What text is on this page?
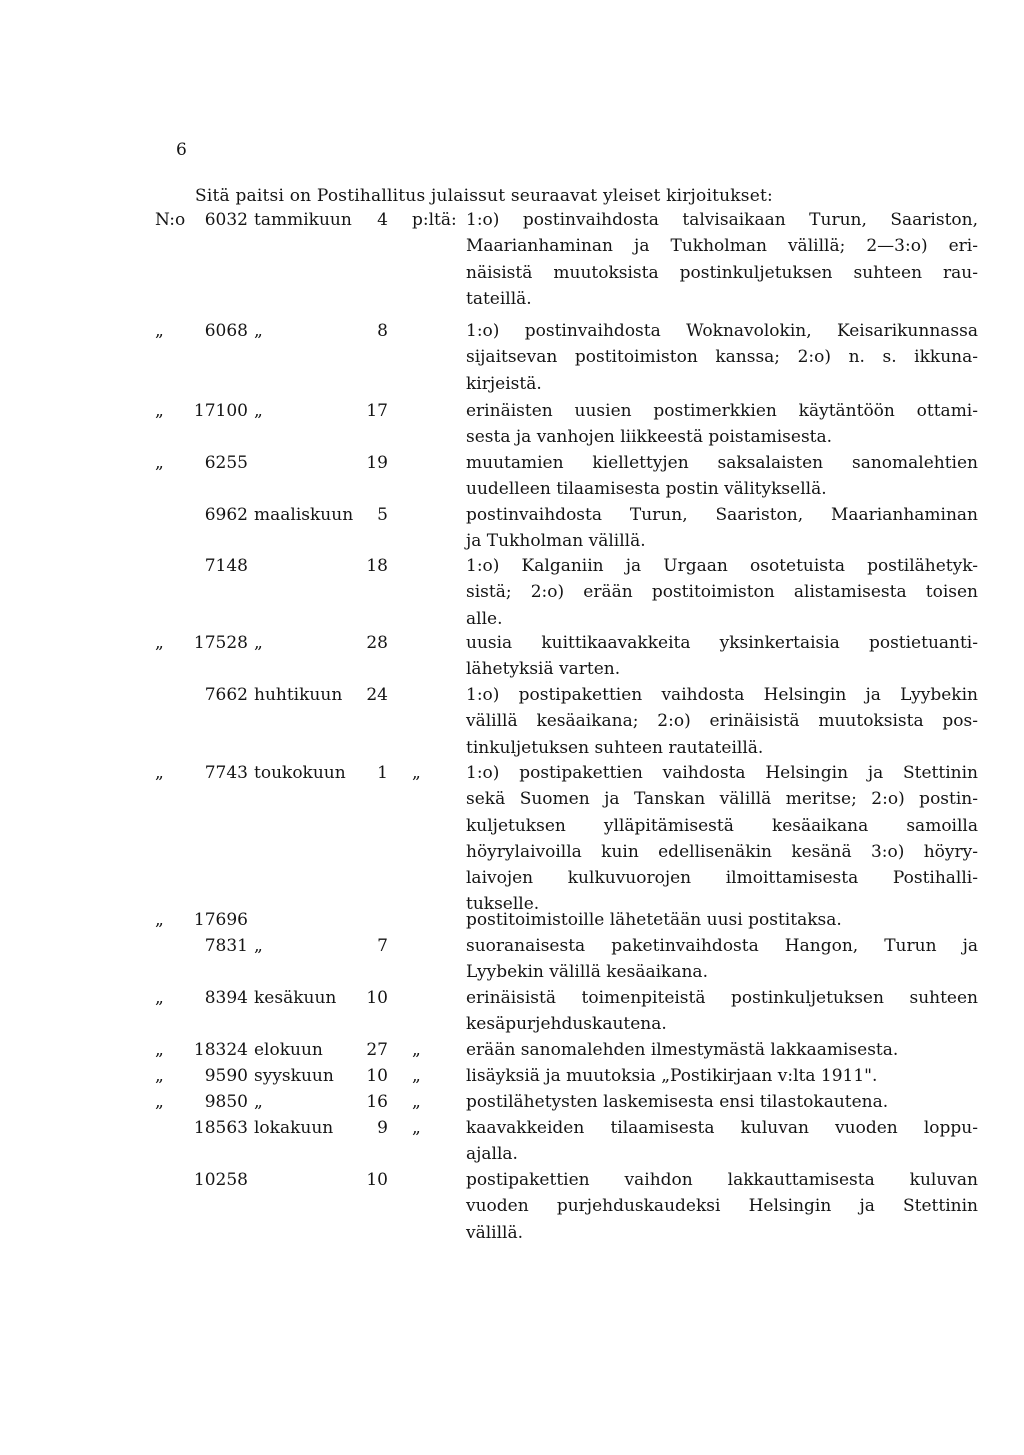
6
Sitä paitsi on Postihallitus julaissut seuraavat yleiset kirjoitukset:
N:o	6032 tammikuun	4 p:ltä: 1:o) postinvaihdosta talvisaikaan Turun, Saariston,
Maarianhaminan ja Tukholman välillä; 2—3:o) eri-
näisistä muutoksista postinkuljetuksen suhteen rau-
tateillä.
„	6068 „	8	1:o) postinvaihdosta Woknavolokin, Keisarikunnassa
sijaitsevan postitoimiston kanssa; 2:o) n. s. ikkuna-
kirjeistä.
„	17100 „	17	erinäisten uusien postimerkkien käytäntöön ottami-
sesta ja vanhojen liikkeestä poistamisesta.
„	6255	19	muutamien kiellettyjen saksalaisten sanomalehtien
uudelleen tilaamisesta postin välityksellä.
6962 maaliskuun	5	postinvaihdosta Turun, Saariston, Maarianhaminan
ja Tukholman välillä.
7148	18	1:o) Kalganiin ja Urgaan osotetuista postilähetyk-
sistä; 2:o) erään postitoimiston alistamisesta toisen
alle.
„	17528 „	28	uusia kuittikaavakkeita yksinkertaisia postietuanti-
lähetyksiä varten.
7662 huhtikuun	24	1:o) postipakettien vaihdosta Helsingin ja Lyybekin
välillä kesäaikana; 2:o) erinäisistä muutoksista pos-
tinkuljetuksen suhteen rautateillä.
„	7743 toukokuun	1 „	1:o) postipakettien vaihdosta Helsingin ja Stettinin
sekä Suomen ja Tanskan välillä meritse; 2:o) postin-
kuljetuksen ylläpitämisestä kesäaikana samoilla
höyrylaivoilla kuin edellisenäkin kesänä 3:o) höyry-
laivojen kulkuvuorojen ilmoittamisesta Postihalli-
tukselle.
„	17696	postitoimistoille lähetetään uusi postitaksa.
7831 „	7	suoranaisesta paketinvaihdosta Hangon, Turun ja
Lyybekin välillä kesäaikana.
„	8394 kesäkuun	10	erinäisistä toimenpiteistä postinkuljetuksen suhteen
kesäpurjehduskautena.
„	18324 elokuun	27 „	erään sanomalehden ilmestymästä lakkaamisesta.
„	9590 syyskuun	10 „	lisäyksiä ja muutoksia „Postikirjaan v:lta 1911".
„	9850 „	16 „	postilähetysten laskemisesta ensi tilastokautena.
18563 lokakuun	9 „	kaavakkeiden tilaamisesta kuluvan vuoden loppu-
ajalla.
10258	10	postipakettien vaihdon lakkauttamisesta kuluvan
vuoden purjehduskaudeksi Helsingin ja Stettinin
välillä.
